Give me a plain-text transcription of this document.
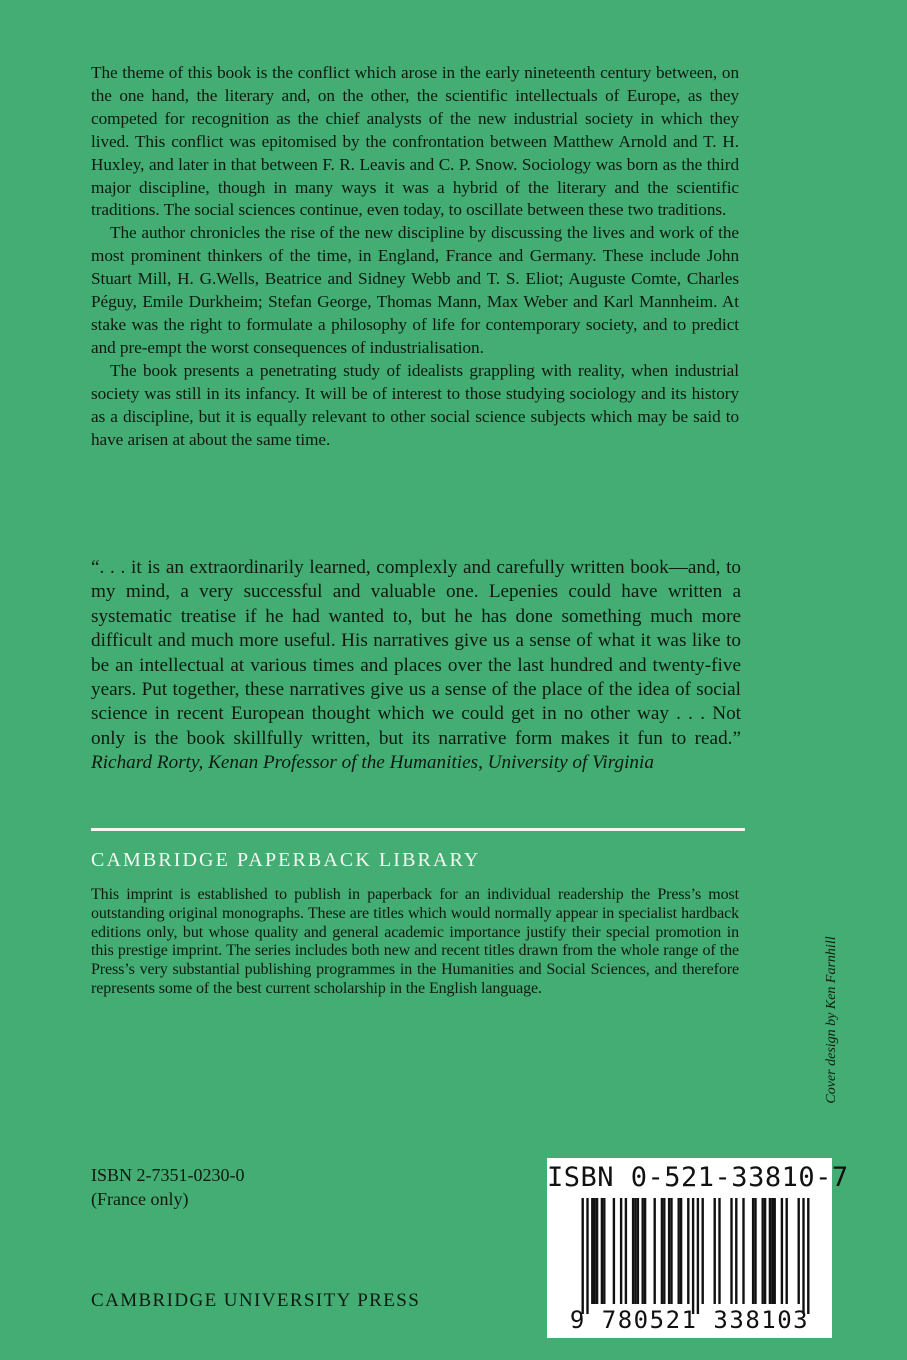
The theme of this book is the conflict which arose in the early nineteenth century between, on the one hand, the literary and, on the other, the scientific intellectuals of Europe, as they competed for recognition as the chief analysts of the new industrial society in which they lived. This conflict was epitomised by the confrontation between Matthew Arnold and T. H. Huxley, and later in that between F. R. Leavis and C. P. Snow. Sociology was born as the third major discipline, though in many ways it was a hybrid of the literary and the scientific traditions. The social sciences continue, even today, to oscillate between these two traditions.

The author chronicles the rise of the new discipline by discussing the lives and work of the most prominent thinkers of the time, in England, France and Germany. These include John Stuart Mill, H. G.Wells, Beatrice and Sidney Webb and T. S. Eliot; Auguste Comte, Charles Péguy, Emile Durkheim; Stefan George, Thomas Mann, Max Weber and Karl Mannheim. At stake was the right to formulate a philosophy of life for contemporary society, and to predict and pre-empt the worst consequences of industrialisation.

The book presents a penetrating study of idealists grappling with reality, when industrial society was still in its infancy. It will be of interest to those studying sociology and its history as a discipline, but it is equally relevant to other social science subjects which may be said to have arisen at about the same time.

“. . . it is an extraordinarily learned, complexly and carefully written book—and, to my mind, a very successful and valuable one. Lepenies could have written a systematic treatise if he had wanted to, but he has done something much more difficult and much more useful. His narratives give us a sense of what it was like to be an intellectual at various times and places over the last hundred and twenty-five years. Put together, these narratives give us a sense of the place of the idea of social science in recent European thought which we could get in no other way . . . Not only is the book skillfully written, but its narrative form makes it fun to read.” Richard Rorty, Kenan Professor of the Humanities, University of Virginia

CAMBRIDGE PAPERBACK LIBRARY

This imprint is established to publish in paperback for an individual readership the Press’s most outstanding original monographs. These are titles which would normally appear in specialist hardback editions only, but whose quality and general academic importance justify their special promotion in this prestige imprint. The series includes both new and recent titles drawn from the whole range of the Press’s very substantial publishing programmes in the Humanities and Social Sciences, and therefore represents some of the best current scholarship in the English language.	Cover design by Ken Farnhill
ISBN 2-7351-0230-0
(France only)
CAMBRIDGE UNIVERSITY PRESS
ISBN 0-521-33810-7
9 780521 338103
